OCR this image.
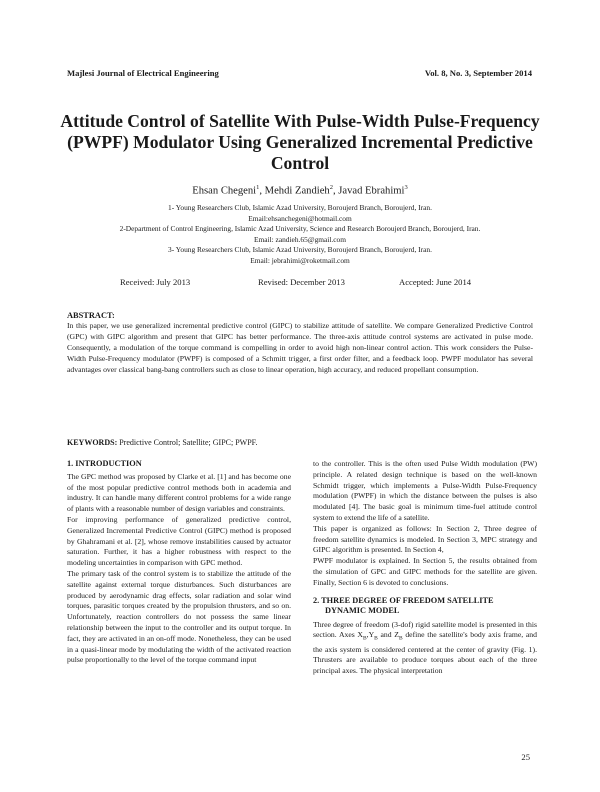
Majlesi Journal of Electrical Engineering	Vol. 8, No. 3, September 2014
Attitude Control of Satellite With Pulse-Width Pulse-Frequency (PWPF) Modulator Using Generalized Incremental Predictive Control
Ehsan Chegeni$^1$, Mehdi Zandieh$^2$, Javad Ebrahimi$^3$
1- Young Researchers Club, Islamic Azad University, Boroujerd Branch, Boroujerd, Iran.
Email:ehsanchegeni@hotmail.com
2-Department of Control Engineering, Islamic Azad University, Science and Research Boroujerd Branch, Boroujerd, Iran.
Email: zandieh.65@gmail.com
3- Young Researchers Club, Islamic Azad University, Boroujerd Branch, Boroujerd, Iran.
Email: jebrahimi@roketmail.com
Received: July 2013	Revised: December 2013	Accepted: June 2014
ABSTRACT:

In this paper, we use generalized incremental predictive control (GIPC) to stabilize attitude of satellite. We compare Generalized Predictive Control (GPC) with GIPC algorithm and present that GIPC has better performance. The three-axis attitude control systems are activated in pulse mode. Consequently, a modulation of the torque command is compelling in order to avoid high non-linear control action. This work considers the Pulse-Width Pulse-Frequency modulator (PWPF) is composed of a Schmitt trigger, a first order filter, and a feedback loop. PWPF modulator has several advantages over classical bang-bang controllers such as close to linear operation, high accuracy, and reduced propellant consumption.

KEYWORDS: Predictive Control; Satellite; GIPC; PWPF.
1. INTRODUCTION

The GPC method was proposed by Clarke et al. [1] and has become one of the most popular predictive control methods both in academia and industry. It can handle many different control problems for a wide range of plants with a reasonable number of design variables and constraints.

For improving performance of generalized predictive control, Generalized Incremental Predictive Control (GIPC) method is proposed by Ghahramani et al. [2], whose remove instabilities caused by actuator saturation. Further, it has a higher robustness with respect to the modeling uncertainties in comparison with GPC method.

The primary task of the control system is to stabilize the attitude of the satellite against external torque disturbances. Such disturbances are produced by aerodynamic drag effects, solar radiation and solar wind torques, parasitic torques created by the propulsion thrusters, and so on. Unfortunately, reaction controllers do not possess the same linear relationship between the input to the controller and its output torque. In fact, they are activated in an on-off mode. Nonetheless, they can be used in a quasi-linear mode by modulating the width of the activated reaction pulse proportionally to the level of the torque command input

to the controller. This is the often used Pulse Width modulation (PW) principle. A related design technique is based on the well-known Schmidt trigger, which implements a Pulse-Width Pulse-Frequency modulation (PWPF) in which the distance between the pulses is also modulated [4]. The basic goal is minimum time-fuel attitude control system to extend the life of a satellite.

This paper is organized as follows: In Section 2, Three degree of freedom satellite dynamics is modeled. In Section 3, MPC strategy and GIPC algorithm is presented. In Section 4,

PWPF modulator is explained. In Section 5, the results obtained from the simulation of GPC and GIPC methods for the satellite are given. Finally, Section 6 is devoted to conclusions.

2. THREE DEGREE OF FREEDOM SATELLITE
DYNAMIC MODEL

Three degree of freedom (3-dof) rigid satellite model is presented in this section. Axes $X_B,Y_B$ and $Z_B$ define the satellite's body axis frame, and the axis system is considered centered at the center of gravity (Fig. 1). Thrusters are available to produce torques about each of the three principal axes. The physical interpretation

25
